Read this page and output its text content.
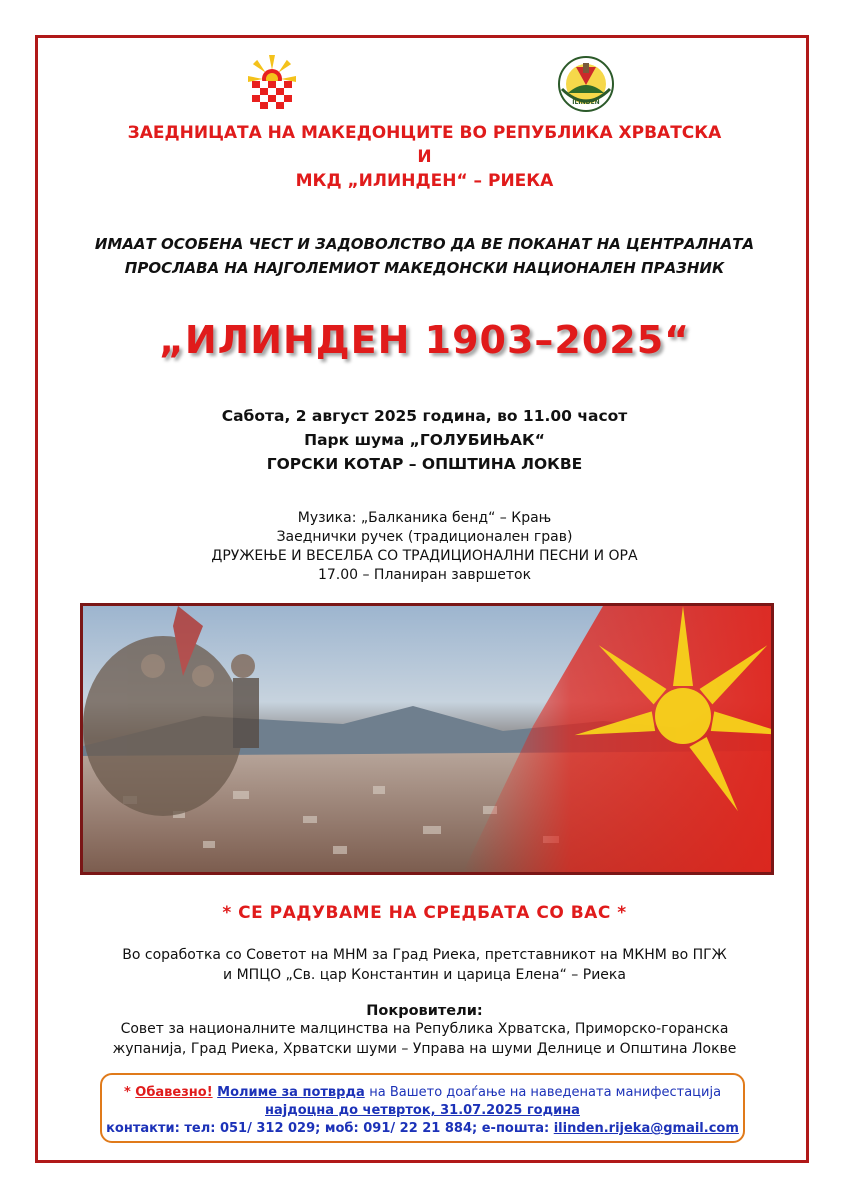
ILINDEN
ЗАЕДНИЦАТА НА МАКЕДОНЦИТЕ ВО РЕПУБЛИКА ХРВАТСКА
И
МКД „ИЛИНДЕН“ – РИЕКА
ИМААТ ОСОБЕНА ЧЕСТ И ЗАДОВОЛСТВО ДА ВЕ ПОКАНАТ НА ЦЕНТРАЛНАТА
ПРОСЛАВА НА НАЈГОЛЕМИОТ МАКЕДОНСКИ НАЦИОНАЛЕН ПРАЗНИК
„ИЛИНДЕН 1903–2025“
Сабота, 2 август 2025 година, во 11.00 часот
Парк шума „ГОЛУБИЊАК“
ГОРСКИ КОТАР – ОПШТИНА ЛОКВЕ
Музика: „Балканика бенд“ – Крањ
Заеднички ручек (традиционален грав)
ДРУЖЕЊЕ И ВЕСЕЛБА СО ТРАДИЦИОНАЛНИ ПЕСНИ И ОРА
17.00 – Планиран завршеток
* СЕ РАДУВАМЕ НА СРЕДБАТА СО ВАС *
Во соработка со Советот на МНМ за Град Риека, претставникот на МКНМ во ПГЖ
и МПЦО „Св. цар Константин и царица Елена“ – Риека
Покровители:
Совет за националните малцинства на Република Хрватска, Приморско-горанска
жупанија, Град Риека, Хрватски шуми – Управа на шуми Делнице и Општина Локве
* Обавезно! Молиме за потврда на Вашето доаѓање на наведената манифестација
најдоцна до четврток, 31.07.2025 година
контакти: тел: 051/ 312 029; моб: 091/ 22 21 884; е-пошта: ilinden.rijeka@gmail.com
